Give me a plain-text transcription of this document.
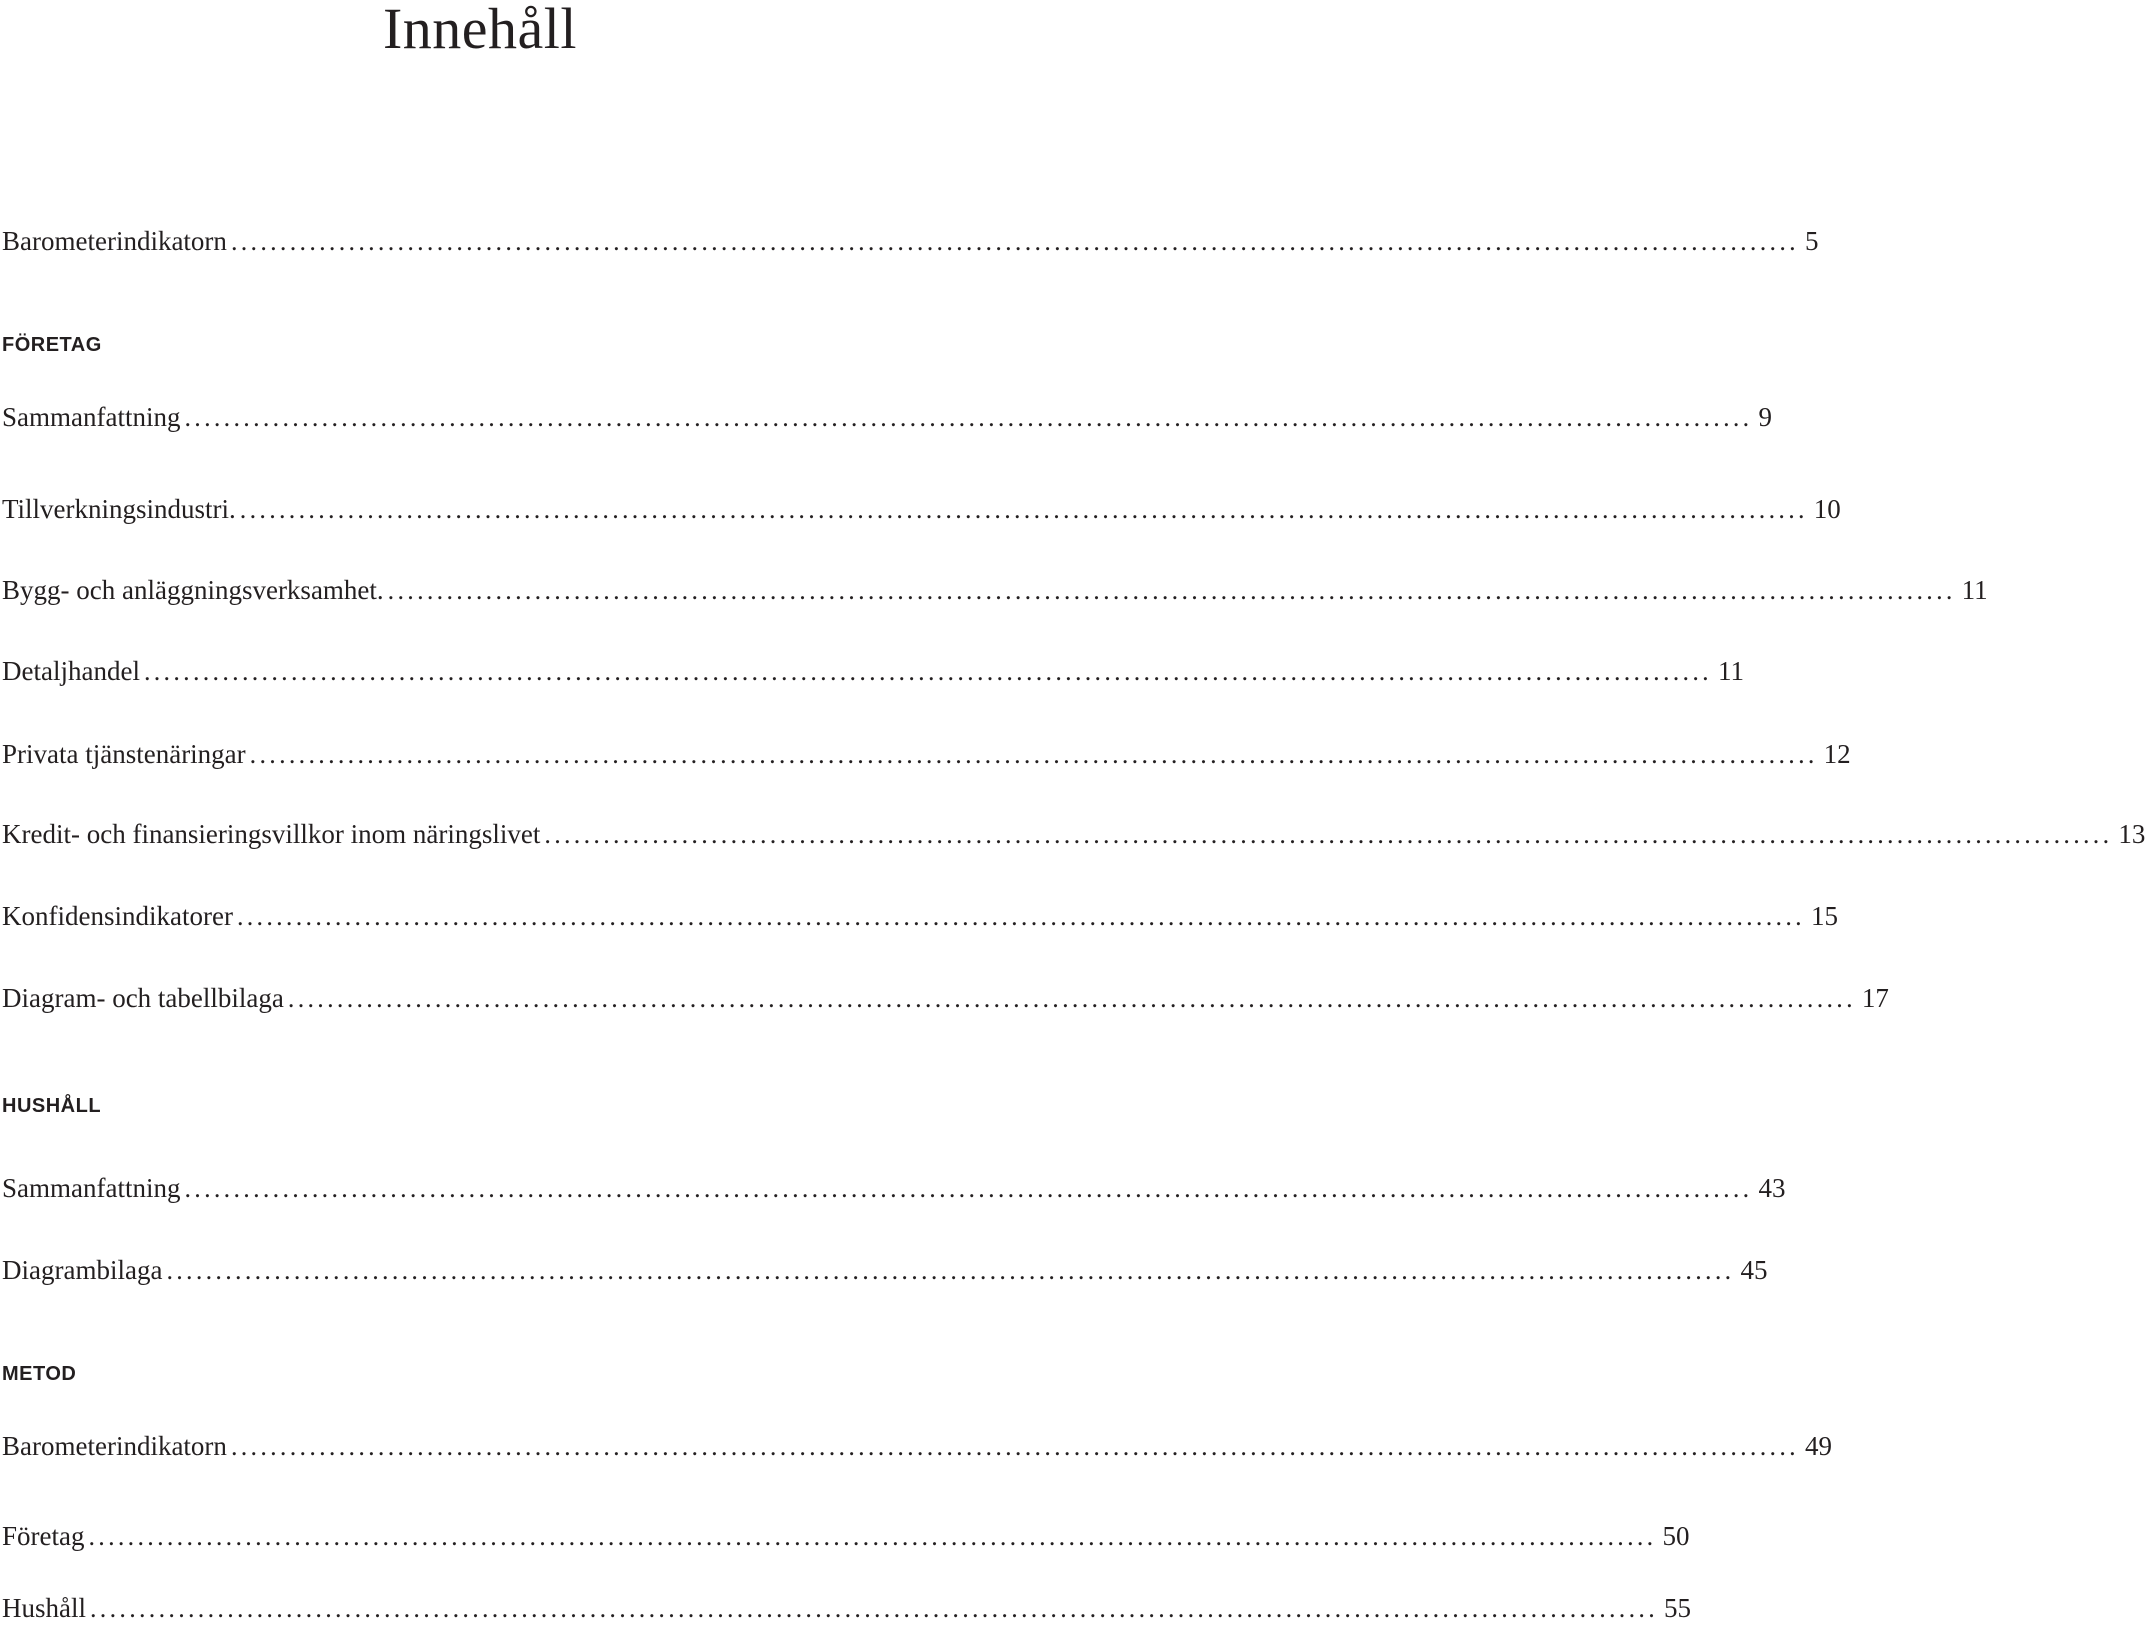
Innehåll
Barometerindikatorn ................................................................................................................................................................ 5
FÖRETAG
Sammanfattning ................................................................................................................................................................ 9
Tillverkningsindustri. ................................................................................................................................................................ 10
Bygg- och anläggningsverksamhet. ................................................................................................................................................................ 11
Detaljhandel ................................................................................................................................................................ 11
Privata tjänstenäringar ................................................................................................................................................................ 12
Kredit- och finansieringsvillkor inom näringslivet ................................................................................................................................................................ 13
Konfidensindikatorer ................................................................................................................................................................ 15
Diagram- och tabellbilaga ................................................................................................................................................................ 17
HUSHÅLL
Sammanfattning ................................................................................................................................................................ 43
Diagrambilaga ................................................................................................................................................................ 45
METOD
Barometerindikatorn ................................................................................................................................................................ 49
Företag ................................................................................................................................................................ 50
Hushåll ................................................................................................................................................................ 55
